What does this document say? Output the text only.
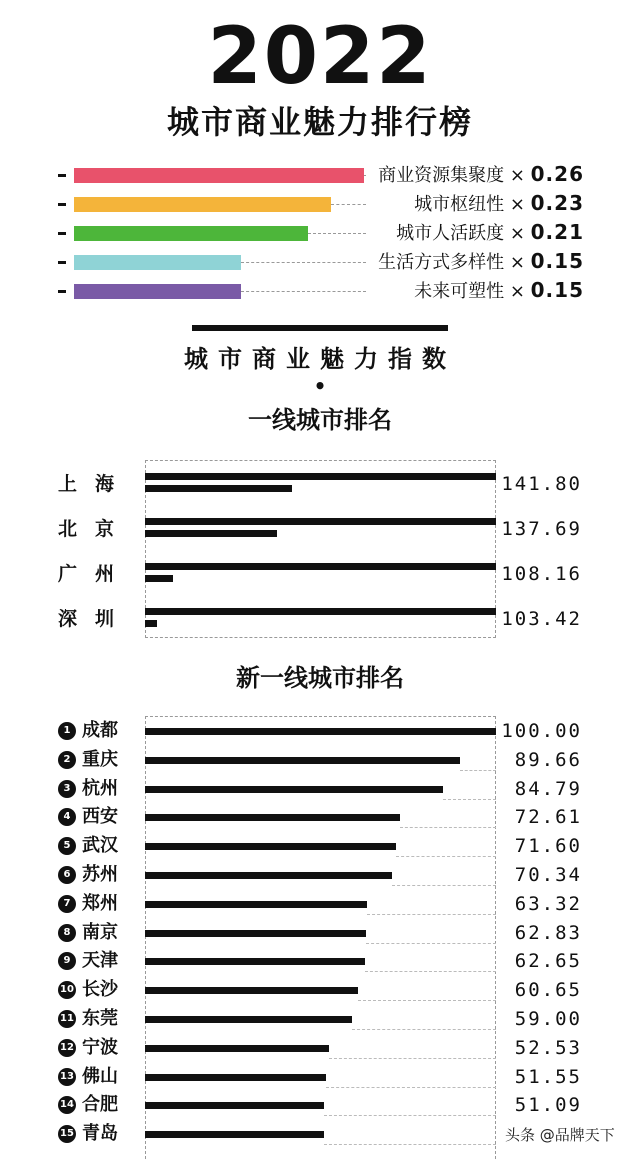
2022
城市商业魅力排行榜
商业资源集聚度 × 0.26
城市枢纽性 × 0.23
城市人活跃度 × 0.21
生活方式多样性 × 0.15
未来可塑性 × 0.15
城市商业魅力指数
•
一线城市排名
上海	141.80
北京	137.69
广州	108.16
深圳	103.42
新一线城市排名
1 成都	100.00
2 重庆	89.66
3 杭州	84.79
4 西安	72.61
5 武汉	71.60
6 苏州	70.34
7 郑州	63.32
8 南京	62.83
9 天津	62.65
10 长沙	60.65
11 东莞	59.00
12 宁波	52.53
13 佛山	51.55
14 合肥	51.09
15 青岛	头条 @品牌天下
